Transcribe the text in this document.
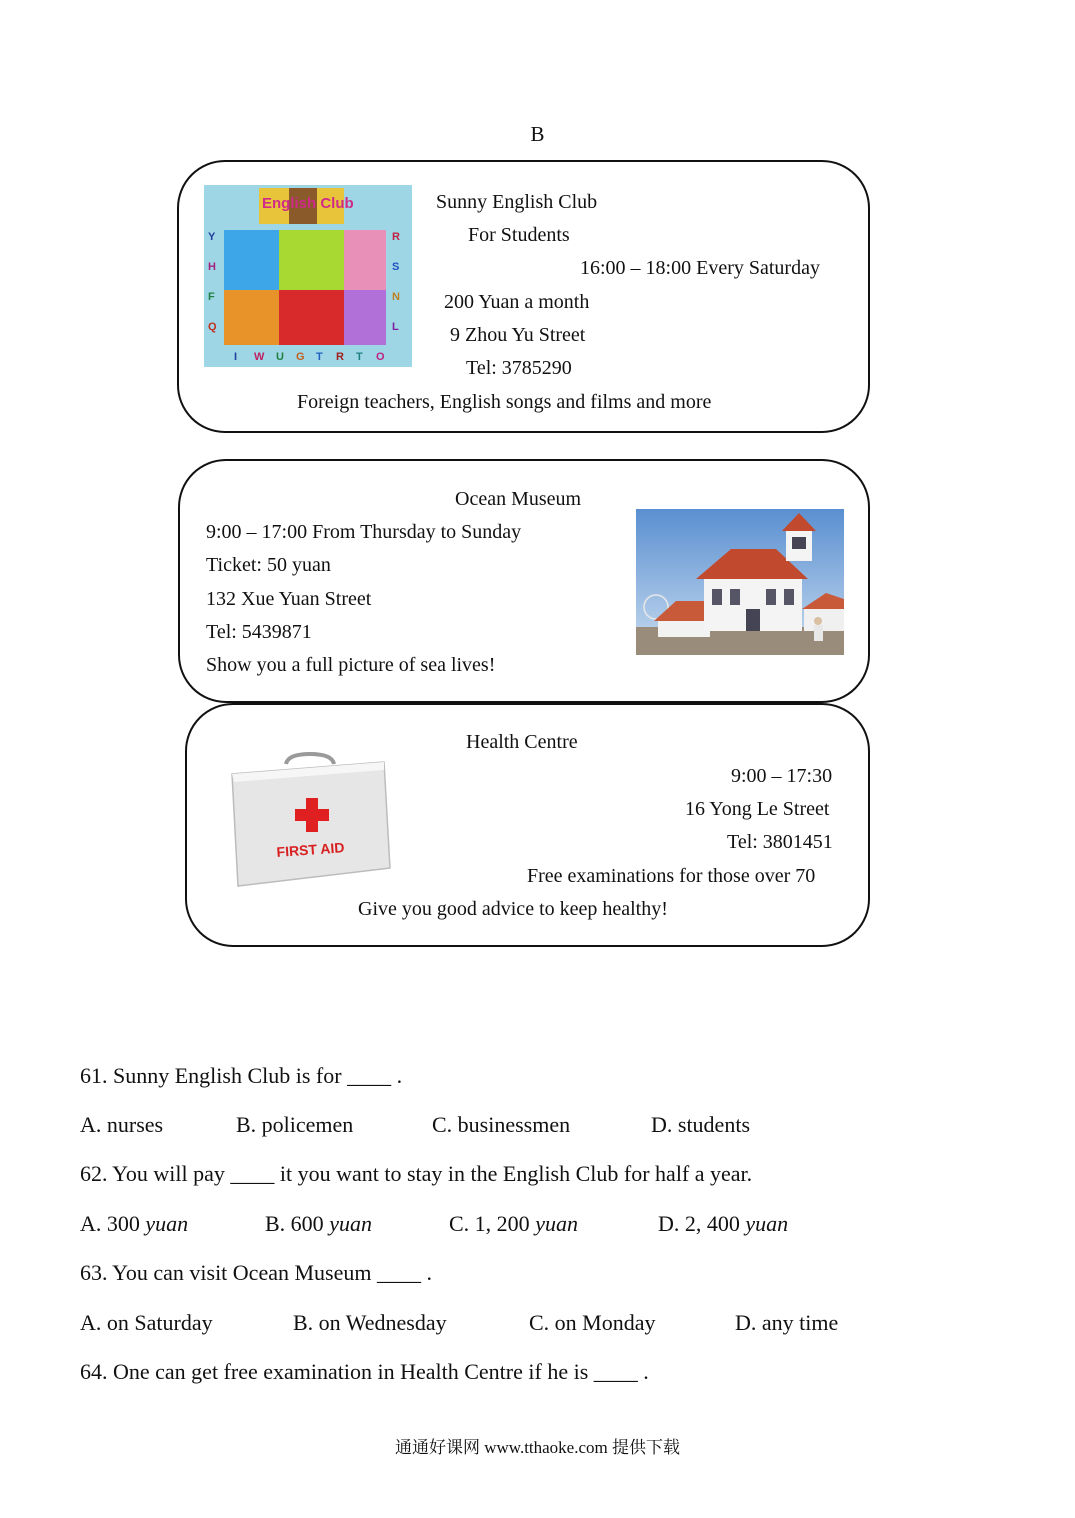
B
Y
H
F
Q
R
S
N
L
I W U G T R T O
English Club	Sunny English Club
For Students
16:00 – 18:00 Every Saturday
200 Yuan a month
9 Zhou Yu Street
Tel: 3785290
Foreign teachers, English songs and films and more
Ocean Museum
9:00 – 17:00 From Thursday to Sunday
Ticket: 50 yuan
132 Xue Yuan Street
Tel: 5439871
Show you a full picture of sea lives!
FIRST AID
Health Centre
9:00 – 17:30
16 Yong Le Street
Tel: 3801451
Free examinations for those over 70
Give you good advice to keep healthy!
61. Sunny English Club is for ____ .
A. nurses	B. policemen	C. businessmen	D. students
62. You will pay ____ it you want to stay in the English Club for half a year.
A. 300 yuan	B. 600 yuan	C. 1, 200 yuan	D. 2, 400 yuan
63. You can visit Ocean Museum ____ .
A. on Saturday	B. on Wednesday	C. on Monday	D. any time
64. One can get free examination in Health Centre if he is ____ .
通通好课网 www.tthaoke.com 提供下载
